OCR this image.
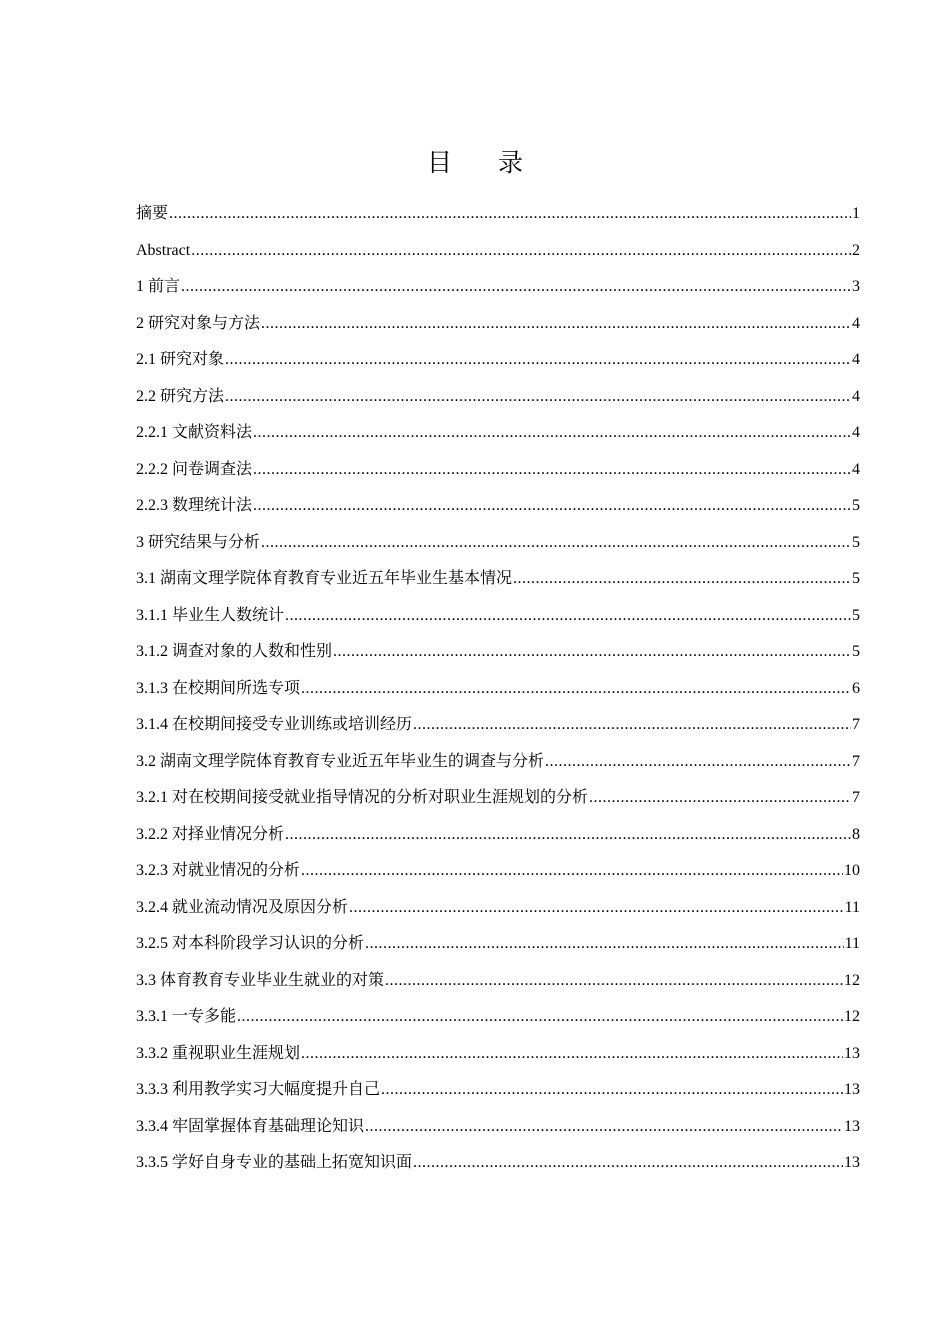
目 录
摘要 .....	1
Abstract .....	2
1 前言 .....	3
2 研究对象与方法 .....	4
2.1 研究对象 .....	4
2.2 研究方法 .....	4
2.2.1 文献资料法 .....	4
2.2.2 问卷调查法 .....	4
2.2.3 数理统计法 .....	5
3 研究结果与分析 .....	5
3.1 湖南文理学院体育教育专业近五年毕业生基本情况 .....	5
3.1.1 毕业生人数统计 .....	5
3.1.2 调查对象的人数和性别 .....	5
3.1.3 在校期间所选专项 .....	6
3.1.4 在校期间接受专业训练或培训经历 .....	7
3.2 湖南文理学院体育教育专业近五年毕业生的调查与分析 .....	7
3.2.1 对在校期间接受就业指导情况的分析对职业生涯规划的分析 .....	7
3.2.2 对择业情况分析 .....	8
3.2.3 对就业情况的分析 .....	10
3.2.4 就业流动情况及原因分析 .....	11
3.2.5 对本科阶段学习认识的分析 .....	11
3.3 体育教育专业毕业生就业的对策 .....	12
3.3.1 一专多能 .....	12
3.3.2 重视职业生涯规划 .....	13
3.3.3 利用教学实习大幅度提升自己 .....	13
3.3.4 牢固掌握体育基础理论知识 .....	13
3.3.5 学好自身专业的基础上拓宽知识面 .....	13
